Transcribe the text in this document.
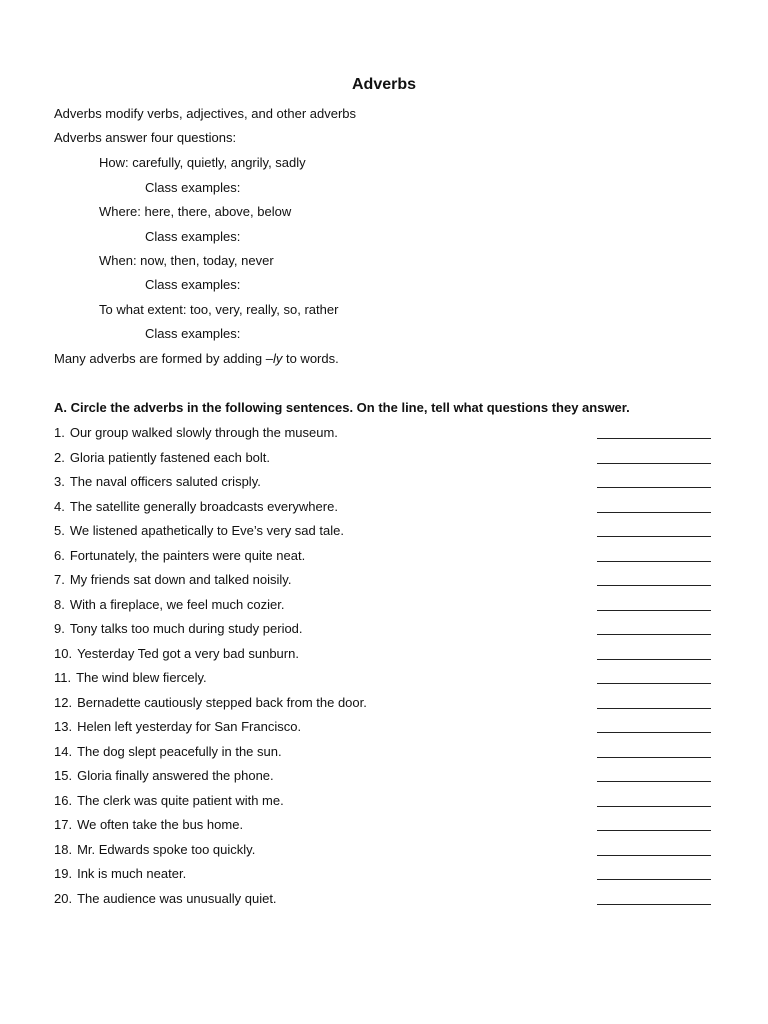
Adverbs
Adverbs modify verbs, adjectives, and other adverbs
Adverbs answer four questions:
How: carefully, quietly, angrily, sadly
Class examples:
Where: here, there, above, below
Class examples:
When: now, then, today, never
Class examples:
To what extent: too, very, really, so, rather
Class examples:
Many adverbs are formed by adding –ly to words.
A. Circle the adverbs in the following sentences. On the line, tell what questions they answer.
1. Our group walked slowly through the museum.
2. Gloria patiently fastened each bolt.
3. The naval officers saluted crisply.
4. The satellite generally broadcasts everywhere.
5. We listened apathetically to Eve’s very sad tale.
6. Fortunately, the painters were quite neat.
7. My friends sat down and talked noisily.
8. With a fireplace, we feel much cozier.
9. Tony talks too much during study period.
10. Yesterday Ted got a very bad sunburn.
11. The wind blew fiercely.
12. Bernadette cautiously stepped back from the door.
13. Helen left yesterday for San Francisco.
14. The dog slept peacefully in the sun.
15. Gloria finally answered the phone.
16. The clerk was quite patient with me.
17. We often take the bus home.
18. Mr. Edwards spoke too quickly.
19. Ink is much neater.
20. The audience was unusually quiet.
